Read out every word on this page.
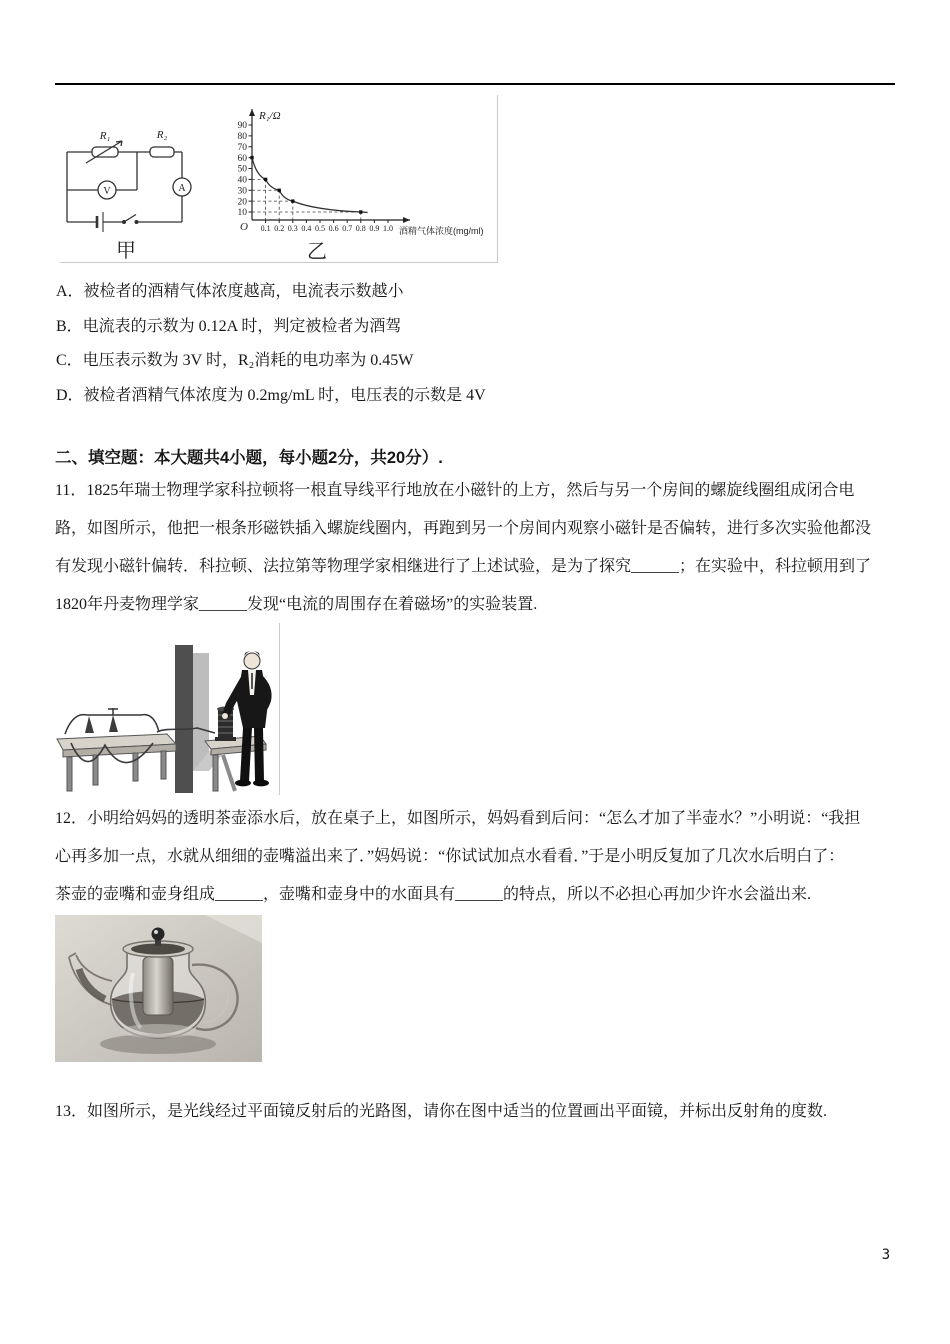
R₁	R₂
V	A
甲
R₁/Ω
O	酒精气体浓度(mg/ml)
90
80
70
60
50
40
30
20
10
0.1 0.2 0.3 0.4 0.5 0.6 0.7 0.8 0.9 1.0
乙
A．被检者的酒精气体浓度越高，电流表示数越小
B．电流表的示数为 0.12A 时，判定被检者为酒驾
C．电压表示数为 3V 时，R₂消耗的电功率为 0.45W
D．被检者酒精气体浓度为 0.2mg/mL 时，电压表的示数是 4V
二、填空题：本大题共4小题，每小题2分，共20分）.
11．1825年瑞士物理学家科拉顿将一根直导线平行地放在小磁针的上方，然后与另一个房间的螺旋线圈组成闭合电
路，如图所示，他把一根条形磁铁插入螺旋线圈内，再跑到另一个房间内观察小磁针是否偏转，进行多次实验他都没
有发现小磁针偏转．科拉顿、法拉第等物理学家相继进行了上述试验，是为了探究______；在实验中，科拉顿用到了
1820年丹麦物理学家______发现“电流的周围存在着磁场”的实验装置.
12．小明给妈妈的透明茶壶添水后，放在桌子上，如图所示，妈妈看到后问：“怎么才加了半壶水？”小明说：“我担
心再多加一点，水就从细细的壶嘴溢出来了．”妈妈说：“你试试加点水看看．”于是小明反复加了几次水后明白了：
茶壶的壶嘴和壶身组成______，壶嘴和壶身中的水面具有______的特点，所以不必担心再加少许水会溢出来.
13．如图所示，是光线经过平面镜反射后的光路图，请你在图中适当的位置画出平面镜，并标出反射角的度数.
3
